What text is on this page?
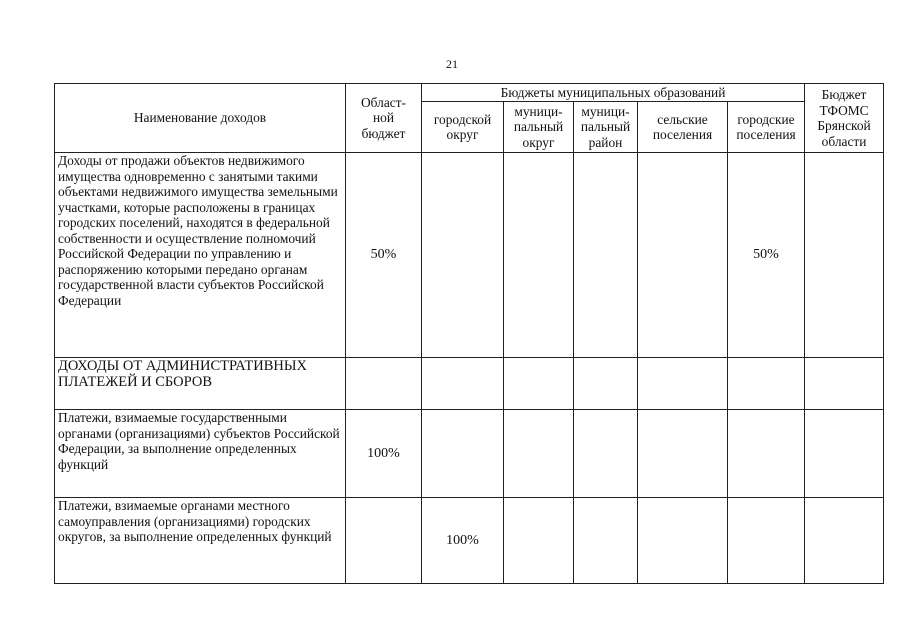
21
Наименование доходов	Област-
ной
бюджет	Бюджеты муниципальных образований					Бюджет
ТФОМС
Брянской
области
		городской
округ	муници-
пальный
округ	муници-
пальный
район	сельские
поселения	городские
поселения	
Доходы от продажи объектов недвижимого имущества одновременно с занятыми такими объектами недвижимого имущества земельными участками, которые расположены в границах городских поселений, находятся в федеральной собственности и осуществление полномочий Российской Федерации по управлению и распоряжению которыми передано органам государственной власти субъектов Российской Федерации	50%					50%	
ДОХОДЫ ОТ АДМИНИСТРАТИВНЫХ ПЛАТЕЖЕЙ И СБОРОВ							
Платежи, взимаемые государственными органами (организациями) субъектов Российской Федерации, за выполнение определенных функций	100%						
Платежи, взимаемые органами местного самоуправления (организациями) городских округов, за выполнение определенных функций		100%					
